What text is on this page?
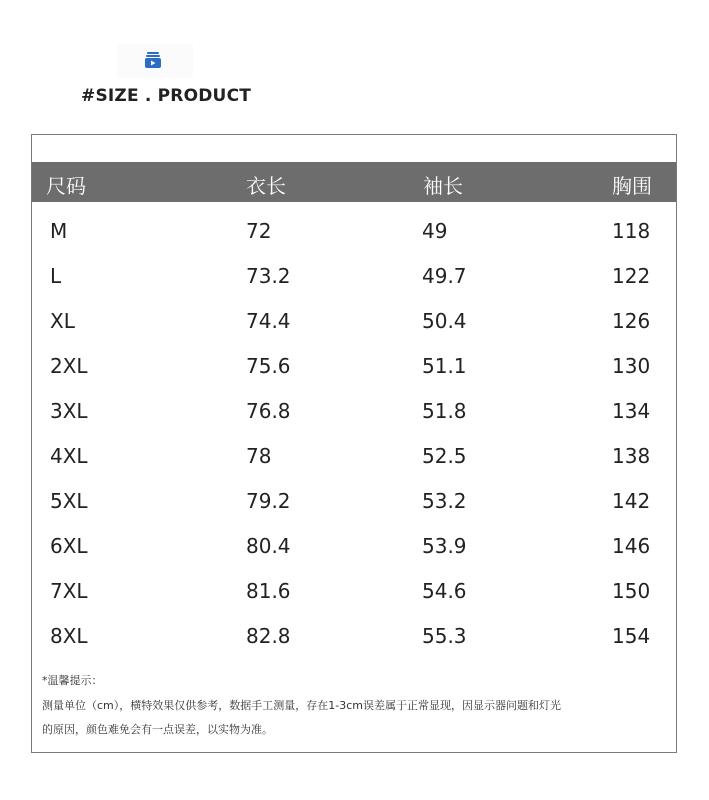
#SIZE . PRODUCT
尺码	衣长	袖长	胸围
M	72	49	118
L	73.2	49.7	122
XL	74.4	50.4	126
2XL	75.6	51.1	130
3XL	76.8	51.8	134
4XL	78	52.5	138
5XL	79.2	53.2	142
6XL	80.4	53.9	146
7XL	81.6	54.6	150
8XL	82.8	55.3	154
*温馨提示：
测量单位（cm），横特效果仅供参考，数据手工测量，存在1-3cm误差属于正常显现，因显示器问题和灯光
的原因，颜色难免会有一点误差，以实物为准。
